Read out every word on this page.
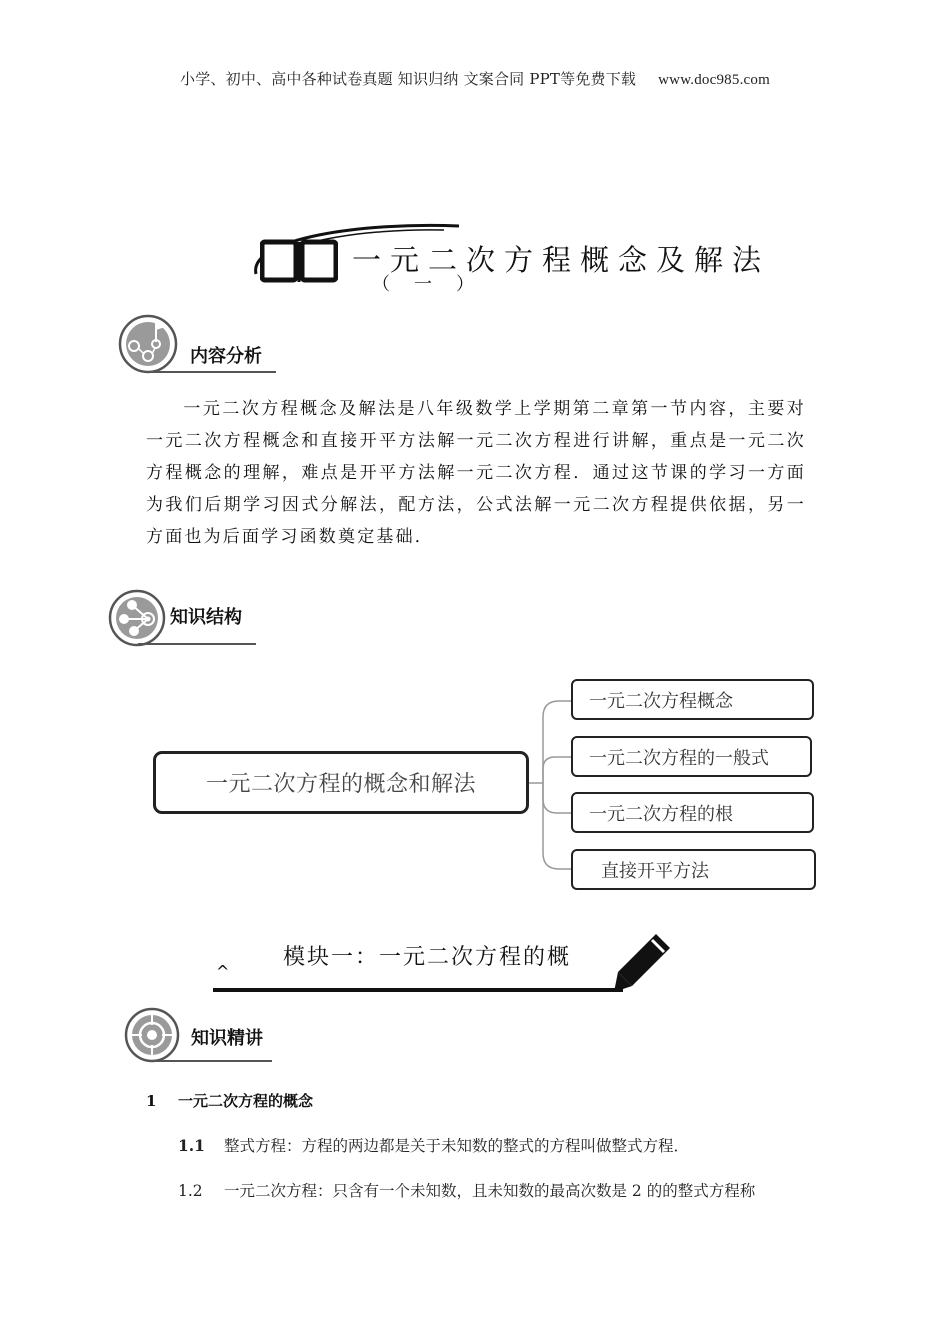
小学、初中、高中各种试卷真题 知识归纳 文案合同 PPT等免费下载 www.doc985.com
一元二次方程概念及解法
（一）
内容分析

一元二次方程概念及解法是八年级数学上学期第二章第一节内容，主要对一元二次方程概念和直接开平方法解一元二次方程进行讲解，重点是一元二次方程概念的理解，难点是开平方法解一元二次方程．通过这节课的学习一方面为我们后期学习因式分解法，配方法，公式法解一元二次方程提供依据，另一方面也为后面学习函数奠定基础．

知识结构
一元二次方程的概念和解法
一元二次方程概念
一元二次方程的一般式
一元二次方程的根
直接开平方法
模块一：一元二次方程的概
^
知识精讲
1 一元二次方程的概念
1.1 整式方程：方程的两边都是关于未知数的整式的方程叫做整式方程．
1.2 一元二次方程：只含有一个未知数，且未知数的最高次数是 2 的的整式方程称
